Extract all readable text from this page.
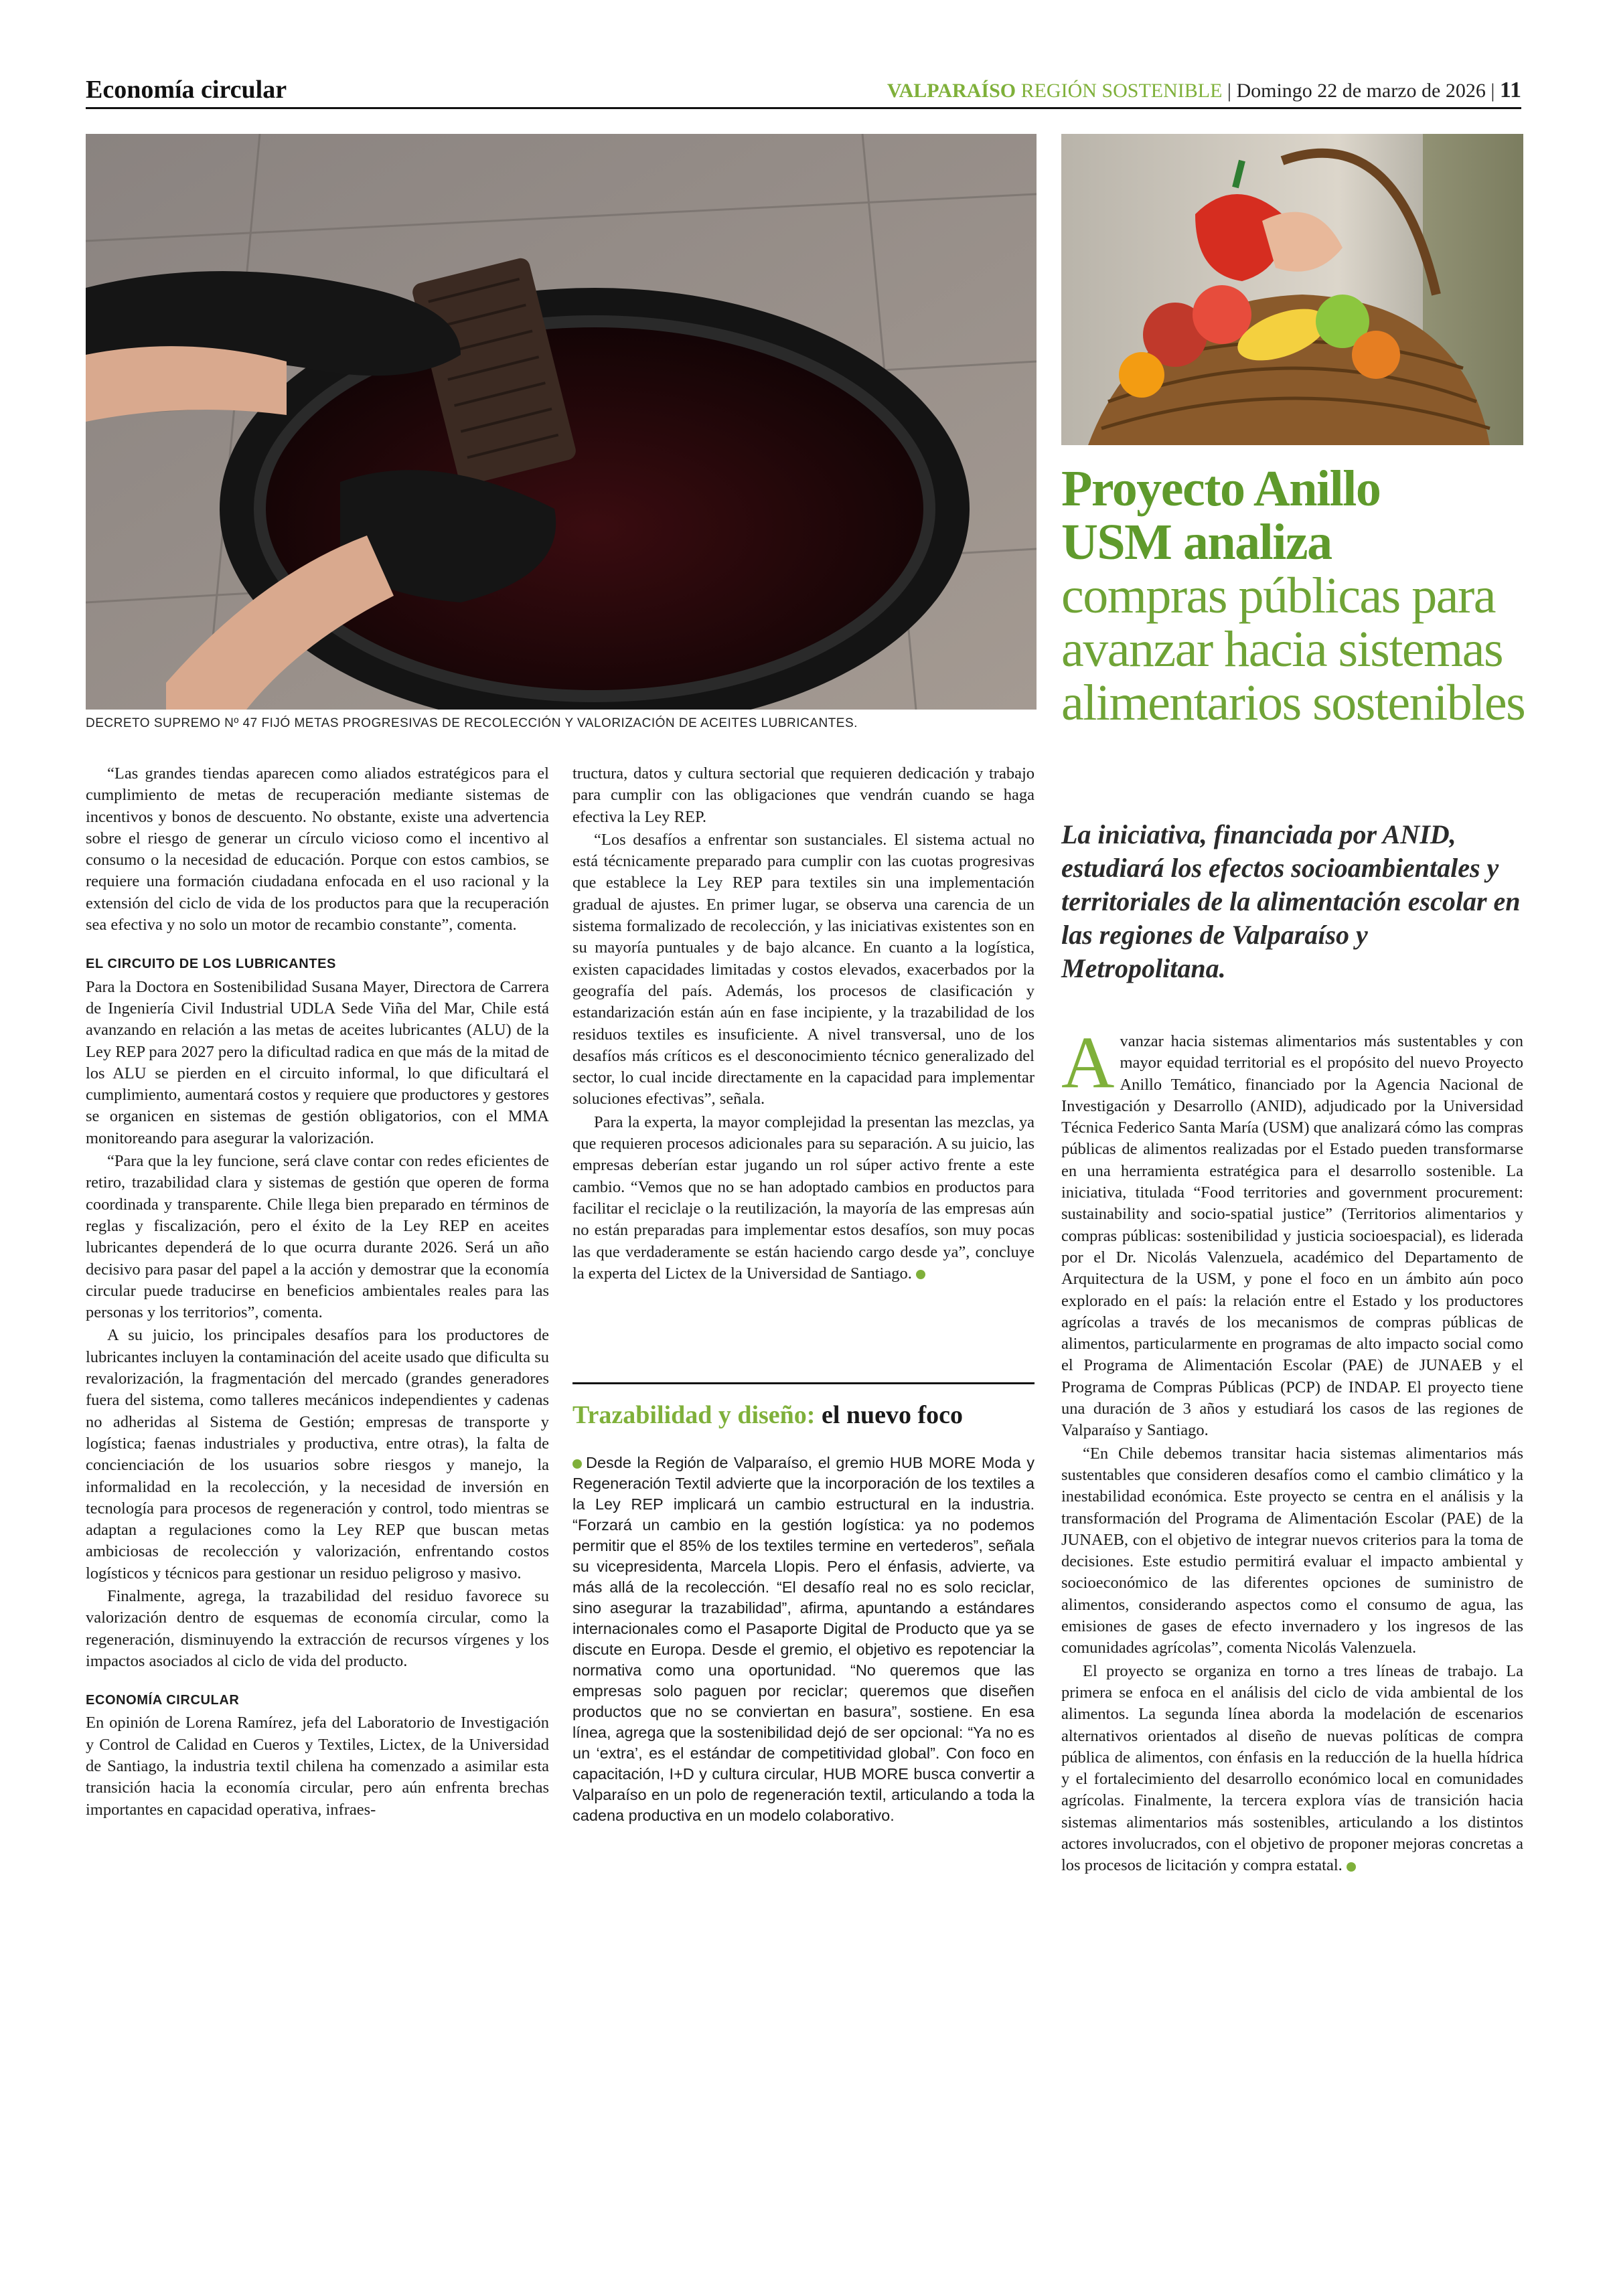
Economía circular	VALPARAÍSO REGIÓN SOSTENIBLE | Domingo 22 de marzo de 2026 | 11
DECRETO SUPREMO Nº 47 FIJÓ METAS PROGRESIVAS DE RECOLECCIÓN Y VALORIZACIÓN DE ACEITES LUBRICANTES.

“Las grandes tiendas aparecen como aliados estratégicos para el cumplimiento de metas de recuperación mediante sistemas de incentivos y bonos de descuento. No obstante, existe una advertencia sobre el riesgo de generar un círculo vicioso como el incentivo al consumo o la necesidad de educación. Porque con estos cambios, se requiere una formación ciudadana enfocada en el uso racional y la extensión del ciclo de vida de los productos para que la recuperación sea efectiva y no solo un motor de recambio constante”, comenta.

EL CIRCUITO DE LOS LUBRICANTES

Para la Doctora en Sostenibilidad Susana Mayer, Directora de Carrera de Ingeniería Civil Industrial UDLA Sede Viña del Mar, Chile está avanzando en relación a las metas de aceites lubricantes (ALU) de la Ley REP para 2027 pero la dificultad radica en que más de la mitad de los ALU se pierden en el circuito informal, lo que dificultará el cumplimiento, aumentará costos y requiere que productores y gestores se organicen en sistemas de gestión obligatorios, con el MMA monitoreando para asegurar la valorización.

“Para que la ley funcione, será clave contar con redes eficientes de retiro, trazabilidad clara y sistemas de gestión que operen de forma coordinada y transparente. Chile llega bien preparado en términos de reglas y fiscalización, pero el éxito de la Ley REP en aceites lubricantes dependerá de lo que ocurra durante 2026. Será un año decisivo para pasar del papel a la acción y demostrar que la economía circular puede traducirse en beneficios ambientales reales para las personas y los territorios”, comenta.

A su juicio, los principales desafíos para los productores de lubricantes incluyen la contaminación del aceite usado que dificulta su revalorización, la fragmentación del mercado (grandes generadores fuera del sistema, como talleres mecánicos independientes y cadenas no adheridas al Sistema de Gestión; empresas de transporte y logística; faenas industriales y productiva, entre otras), la falta de concienciación de los usuarios sobre riesgos y manejo, la informalidad en la recolección, y la necesidad de inversión en tecnología para procesos de regeneración y control, todo mientras se adaptan a regulaciones como la Ley REP que buscan metas ambiciosas de recolección y valorización, enfrentando costos logísticos y técnicos para gestionar un residuo peligroso y masivo.

Finalmente, agrega, la trazabilidad del residuo favorece su valorización dentro de esquemas de economía circular, como la regeneración, disminuyendo la extracción de recursos vírgenes y los impactos asociados al ciclo de vida del producto.

ECONOMÍA CIRCULAR

En opinión de Lorena Ramírez, jefa del Laboratorio de Investigación y Control de Calidad en Cueros y Textiles, Lictex, de la Universidad de Santiago, la industria textil chilena ha comenzado a asimilar esta transición hacia la economía circular, pero aún enfrenta brechas importantes en capacidad operativa, infraes-

tructura, datos y cultura sectorial que requieren dedicación y trabajo para cumplir con las obligaciones que vendrán cuando se haga efectiva la Ley REP.

“Los desafíos a enfrentar son sustanciales. El sistema actual no está técnicamente preparado para cumplir con las cuotas progresivas que establece la Ley REP para textiles sin una implementación gradual de ajustes. En primer lugar, se observa una carencia de un sistema formalizado de recolección, y las iniciativas existentes son en su mayoría puntuales y de bajo alcance. En cuanto a la logística, existen capacidades limitadas y costos elevados, exacerbados por la geografía del país. Además, los procesos de clasificación y estandarización están aún en fase incipiente, y la trazabilidad de los residuos textiles es insuficiente. A nivel transversal, uno de los desafíos más críticos es el desconocimiento técnico generalizado del sector, lo cual incide directamente en la capacidad para implementar soluciones efectivas”, señala.

Para la experta, la mayor complejidad la presentan las mezclas, ya que requieren procesos adicionales para su separación. A su juicio, las empresas deberían estar jugando un rol súper activo frente a este cambio. “Vemos que no se han adoptado cambios en productos para facilitar el reciclaje o la reutilización, la mayoría de las empresas aún no están preparadas para implementar estos desafíos, son muy pocas las que verdaderamente se están haciendo cargo desde ya”, concluye la experta del Lictex de la Universidad de Santiago.

Trazabilidad y diseño: el nuevo foco

Desde la Región de Valparaíso, el gremio HUB MORE Moda y Regeneración Textil advierte que la incorporación de los textiles a la Ley REP implicará un cambio estructural en la industria. “Forzará un cambio en la gestión logística: ya no podemos permitir que el 85% de los textiles termine en vertederos”, señala su vicepresidenta, Marcela Llopis. Pero el énfasis, advierte, va más allá de la recolección. “El desafío real no es solo reciclar, sino asegurar la trazabilidad”, afirma, apuntando a estándares internacionales como el Pasaporte Digital de Producto que ya se discute en Europa. Desde el gremio, el objetivo es repotenciar la normativa como una oportunidad. “No queremos que las empresas solo paguen por reciclar; queremos que diseñen productos que no se conviertan en basura”, sostiene. En esa línea, agrega que la sostenibilidad dejó de ser opcional: “Ya no es un ‘extra’, es el estándar de competitividad global”. Con foco en capacitación, I+D y cultura circular, HUB MORE busca convertir a Valparaíso en un polo de regeneración textil, articulando a toda la cadena productiva en un modelo colaborativo.

Proyecto Anillo
USM analiza
compras públicas para avanzar hacia sistemas alimentarios sostenibles
La iniciativa, financiada por ANID, estudiará los efectos socioambientales y territoriales de la alimentación escolar en las regiones de Valparaíso y Metropolitana.

Avanzar hacia sistemas alimentarios más sustentables y con mayor equidad territorial es el propósito del nuevo Proyecto Anillo Temático, financiado por la Agencia Nacional de Investigación y Desarrollo (ANID), adjudicado por la Universidad Técnica Federico Santa María (USM) que analizará cómo las compras públicas de alimentos realizadas por el Estado pueden transformarse en una herramienta estratégica para el desarrollo sostenible. La iniciativa, titulada “Food territories and government procurement: sustainability and socio-spatial justice” (Territorios alimentarios y compras públicas: sostenibilidad y justicia socioespacial), es liderada por el Dr. Nicolás Valenzuela, académico del Departamento de Arquitectura de la USM, y pone el foco en un ámbito aún poco explorado en el país: la relación entre el Estado y los productores agrícolas a través de los mecanismos de compras públicas de alimentos, particularmente en programas de alto impacto social como el Programa de Alimentación Escolar (PAE) de JUNAEB y el Programa de Compras Públicas (PCP) de INDAP. El proyecto tiene una duración de 3 años y estudiará los casos de las regiones de Valparaíso y Santiago.

“En Chile debemos transitar hacia sistemas alimentarios más sustentables que consideren desafíos como el cambio climático y la inestabilidad económica. Este proyecto se centra en el análisis y la transformación del Programa de Alimentación Escolar (PAE) de la JUNAEB, con el objetivo de integrar nuevos criterios para la toma de decisiones. Este estudio permitirá evaluar el impacto ambiental y socioeconómico de las diferentes opciones de suministro de alimentos, considerando aspectos como el consumo de agua, las emisiones de gases de efecto invernadero y los ingresos de las comunidades agrícolas”, comenta Nicolás Valenzuela.

El proyecto se organiza en torno a tres líneas de trabajo. La primera se enfoca en el análisis del ciclo de vida ambiental de los alimentos. La segunda línea aborda la modelación de escenarios alternativos orientados al diseño de nuevas políticas de compra pública de alimentos, con énfasis en la reducción de la huella hídrica y el fortalecimiento del desarrollo económico local en comunidades agrícolas. Finalmente, la tercera explora vías de transición hacia sistemas alimentarios más sostenibles, articulando a los distintos actores involucrados, con el objetivo de proponer mejoras concretas a los procesos de licitación y compra estatal.
